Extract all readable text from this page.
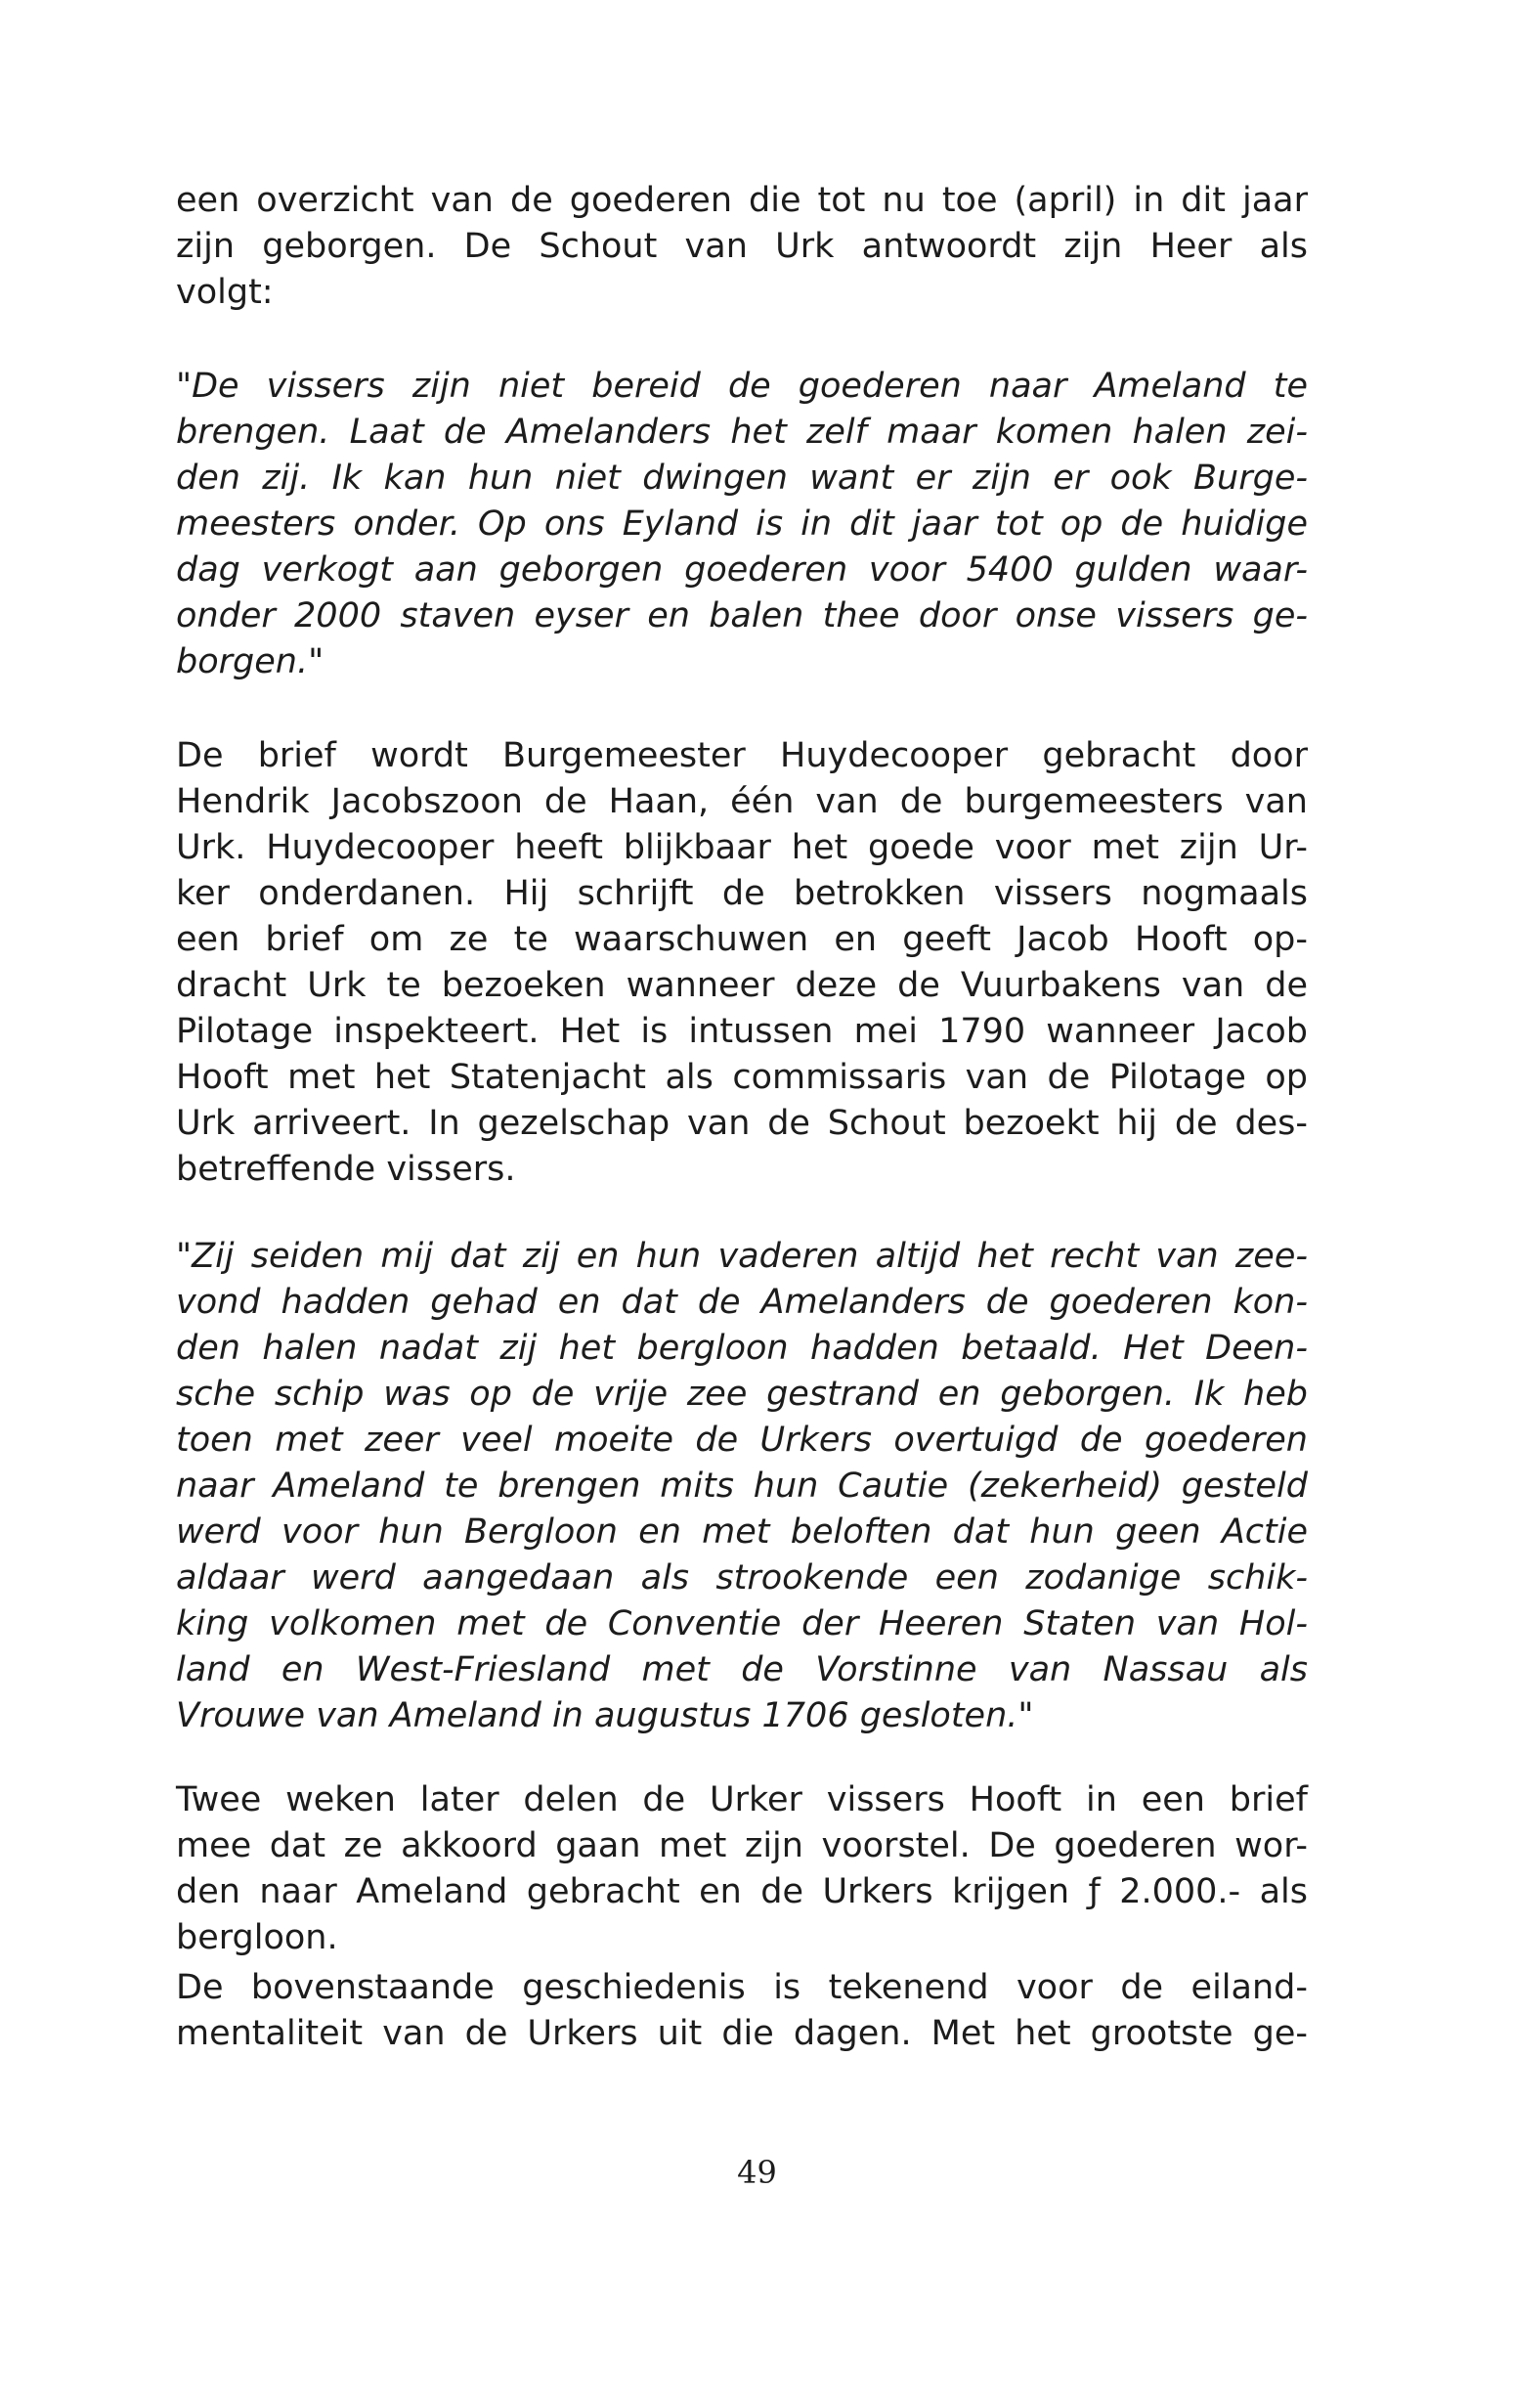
een overzicht van de goederen die tot nu toe (april) in dit jaar
zijn geborgen. De Schout van Urk antwoordt zijn Heer als
volgt:
"De vissers zijn niet bereid de goederen naar Ameland te
brengen. Laat de Amelanders het zelf maar komen halen zei-
den zij. Ik kan hun niet dwingen want er zijn er ook Burge-
meesters onder. Op ons Eyland is in dit jaar tot op de huidige
dag verkogt aan geborgen goederen voor 5400 gulden waar-
onder 2000 staven eyser en balen thee door onse vissers ge-
borgen."
De brief wordt Burgemeester Huydecooper gebracht door
Hendrik Jacobszoon de Haan, één van de burgemeesters van
Urk. Huydecooper heeft blijkbaar het goede voor met zijn Ur-
ker onderdanen. Hij schrijft de betrokken vissers nogmaals
een brief om ze te waarschuwen en geeft Jacob Hooft op-
dracht Urk te bezoeken wanneer deze de Vuurbakens van de
Pilotage inspekteert. Het is intussen mei 1790 wanneer Jacob
Hooft met het Statenjacht als commissaris van de Pilotage op
Urk arriveert. In gezelschap van de Schout bezoekt hij de des-
betreffende vissers.
"Zij seiden mij dat zij en hun vaderen altijd het recht van zee-
vond hadden gehad en dat de Amelanders de goederen kon-
den halen nadat zij het bergloon hadden betaald. Het Deen-
sche schip was op de vrije zee gestrand en geborgen. Ik heb
toen met zeer veel moeite de Urkers overtuigd de goederen
naar Ameland te brengen mits hun Cautie (zekerheid) gesteld
werd voor hun Bergloon en met beloften dat hun geen Actie
aldaar werd aangedaan als strookende een zodanige schik-
king volkomen met de Conventie der Heeren Staten van Hol-
land en West-Friesland met de Vorstinne van Nassau als
Vrouwe van Ameland in augustus 1706 gesloten."
Twee weken later delen de Urker vissers Hooft in een brief
mee dat ze akkoord gaan met zijn voorstel. De goederen wor-
den naar Ameland gebracht en de Urkers krijgen ƒ 2.000.- als
bergloon.
De bovenstaande geschiedenis is tekenend voor de eiland-
mentaliteit van de Urkers uit die dagen. Met het grootste ge-
49
